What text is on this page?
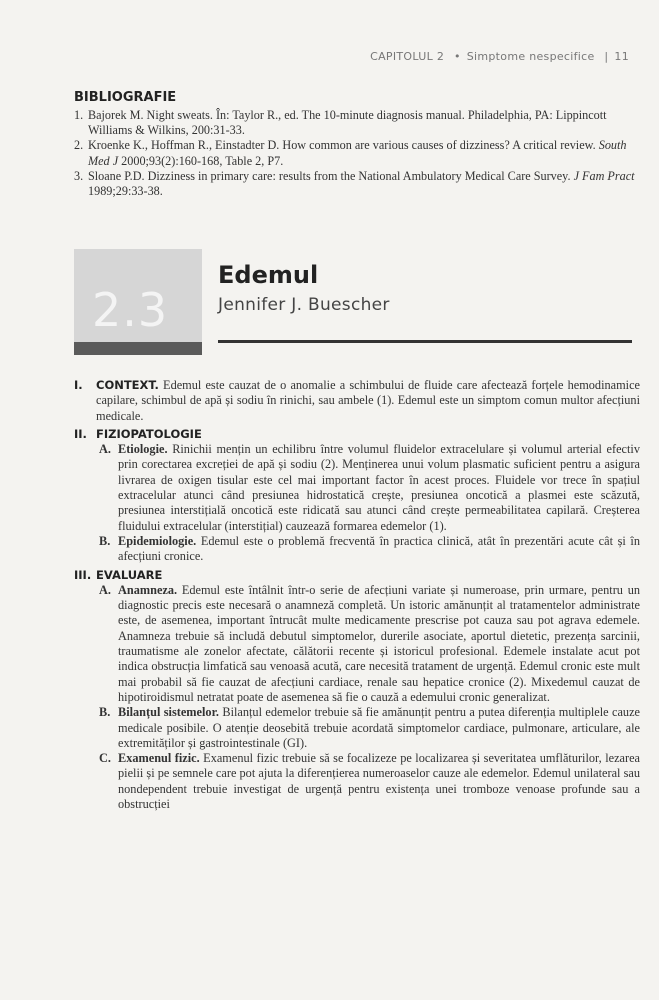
CAPITOLUL 2 • Simptome nespecifice | 11
BIBLIOGRAFIE
1. Bajorek M. Night sweats. În: Taylor R., ed. The 10-minute diagnosis manual. Philadelphia, PA: Lippincott Williams & Wilkins, 200:31-33.
2. Kroenke K., Hoffman R., Einstadter D. How common are various causes of dizziness? A critical review. South Med J 2000;93(2):160-168, Table 2, P7.
3. Sloane P.D. Dizziness in primary care: results from the National Ambulatory Medical Care Survey. J Fam Pract 1989;29:33-38.
2.3
Edemul
Jennifer J. Buescher
I. CONTEXT. Edemul este cauzat de o anomalie a schimbului de fluide care afectează forțele hemodinamice capilare, schimbul de apă și sodiu în rinichi, sau ambele (1). Edemul este un simptom comun multor afecțiuni medicale.
II. FIZIOPATOLOGIE
A. Etiologie. Rinichii mențin un echilibru între volumul fluidelor extracelulare și volumul arterial efectiv prin corectarea excreției de apă și sodiu (2). Menținerea unui volum plasmatic suficient pentru a asigura livrarea de oxigen tisular este cel mai important factor în acest proces. Fluidele vor trece în spațiul extracelular atunci când presiunea hidrostatică crește, presiunea oncotică a plasmei este scăzută, presiunea interstițială oncotică este ridicată sau atunci când crește permeabilitatea capilară. Creșterea fluidului extracelular (interstițial) cauzează formarea edemelor (1).
B. Epidemiologie. Edemul este o problemă frecventă în practica clinică, atât în prezentări acute cât și în afecțiuni cronice.
III. EVALUARE
A. Anamneza. Edemul este întâlnit într-o serie de afecțiuni variate și numeroase, prin urmare, pentru un diagnostic precis este necesară o anamneză completă. Un istoric amănunțit al tratamentelor administrate este, de asemenea, important întrucât multe medicamente prescrise pot cauza sau pot agrava edemele. Anamneza trebuie să includă debutul simptomelor, durerile asociate, aportul dietetic, prezența sarcinii, traumatisme ale zonelor afectate, călătorii recente și istoricul profesional. Edemele instalate acut pot indica obstrucția limfatică sau venoasă acută, care necesită tratament de urgență. Edemul cronic este mult mai probabil să fie cauzat de afecțiuni cardiace, renale sau hepatice cronice (2). Mixedemul cauzat de hipotiroidismul netratat poate de asemenea să fie o cauză a edemului cronic generalizat.
B. Bilanțul sistemelor. Bilanțul edemelor trebuie să fie amănunțit pentru a putea diferenția multiplele cauze medicale posibile. O atenție deosebită trebuie acordată simptomelor cardiace, pulmonare, articulare, ale extremităților și gastrointestinale (GI).
C. Examenul fizic. Examenul fizic trebuie să se focalizeze pe localizarea și severitatea umflăturilor, lezarea pielii și pe semnele care pot ajuta la diferențierea numeroaselor cauze ale edemelor. Edemul unilateral sau nondependent trebuie investigat de urgență pentru existența unei tromboze venoase profunde sau a obstrucției
